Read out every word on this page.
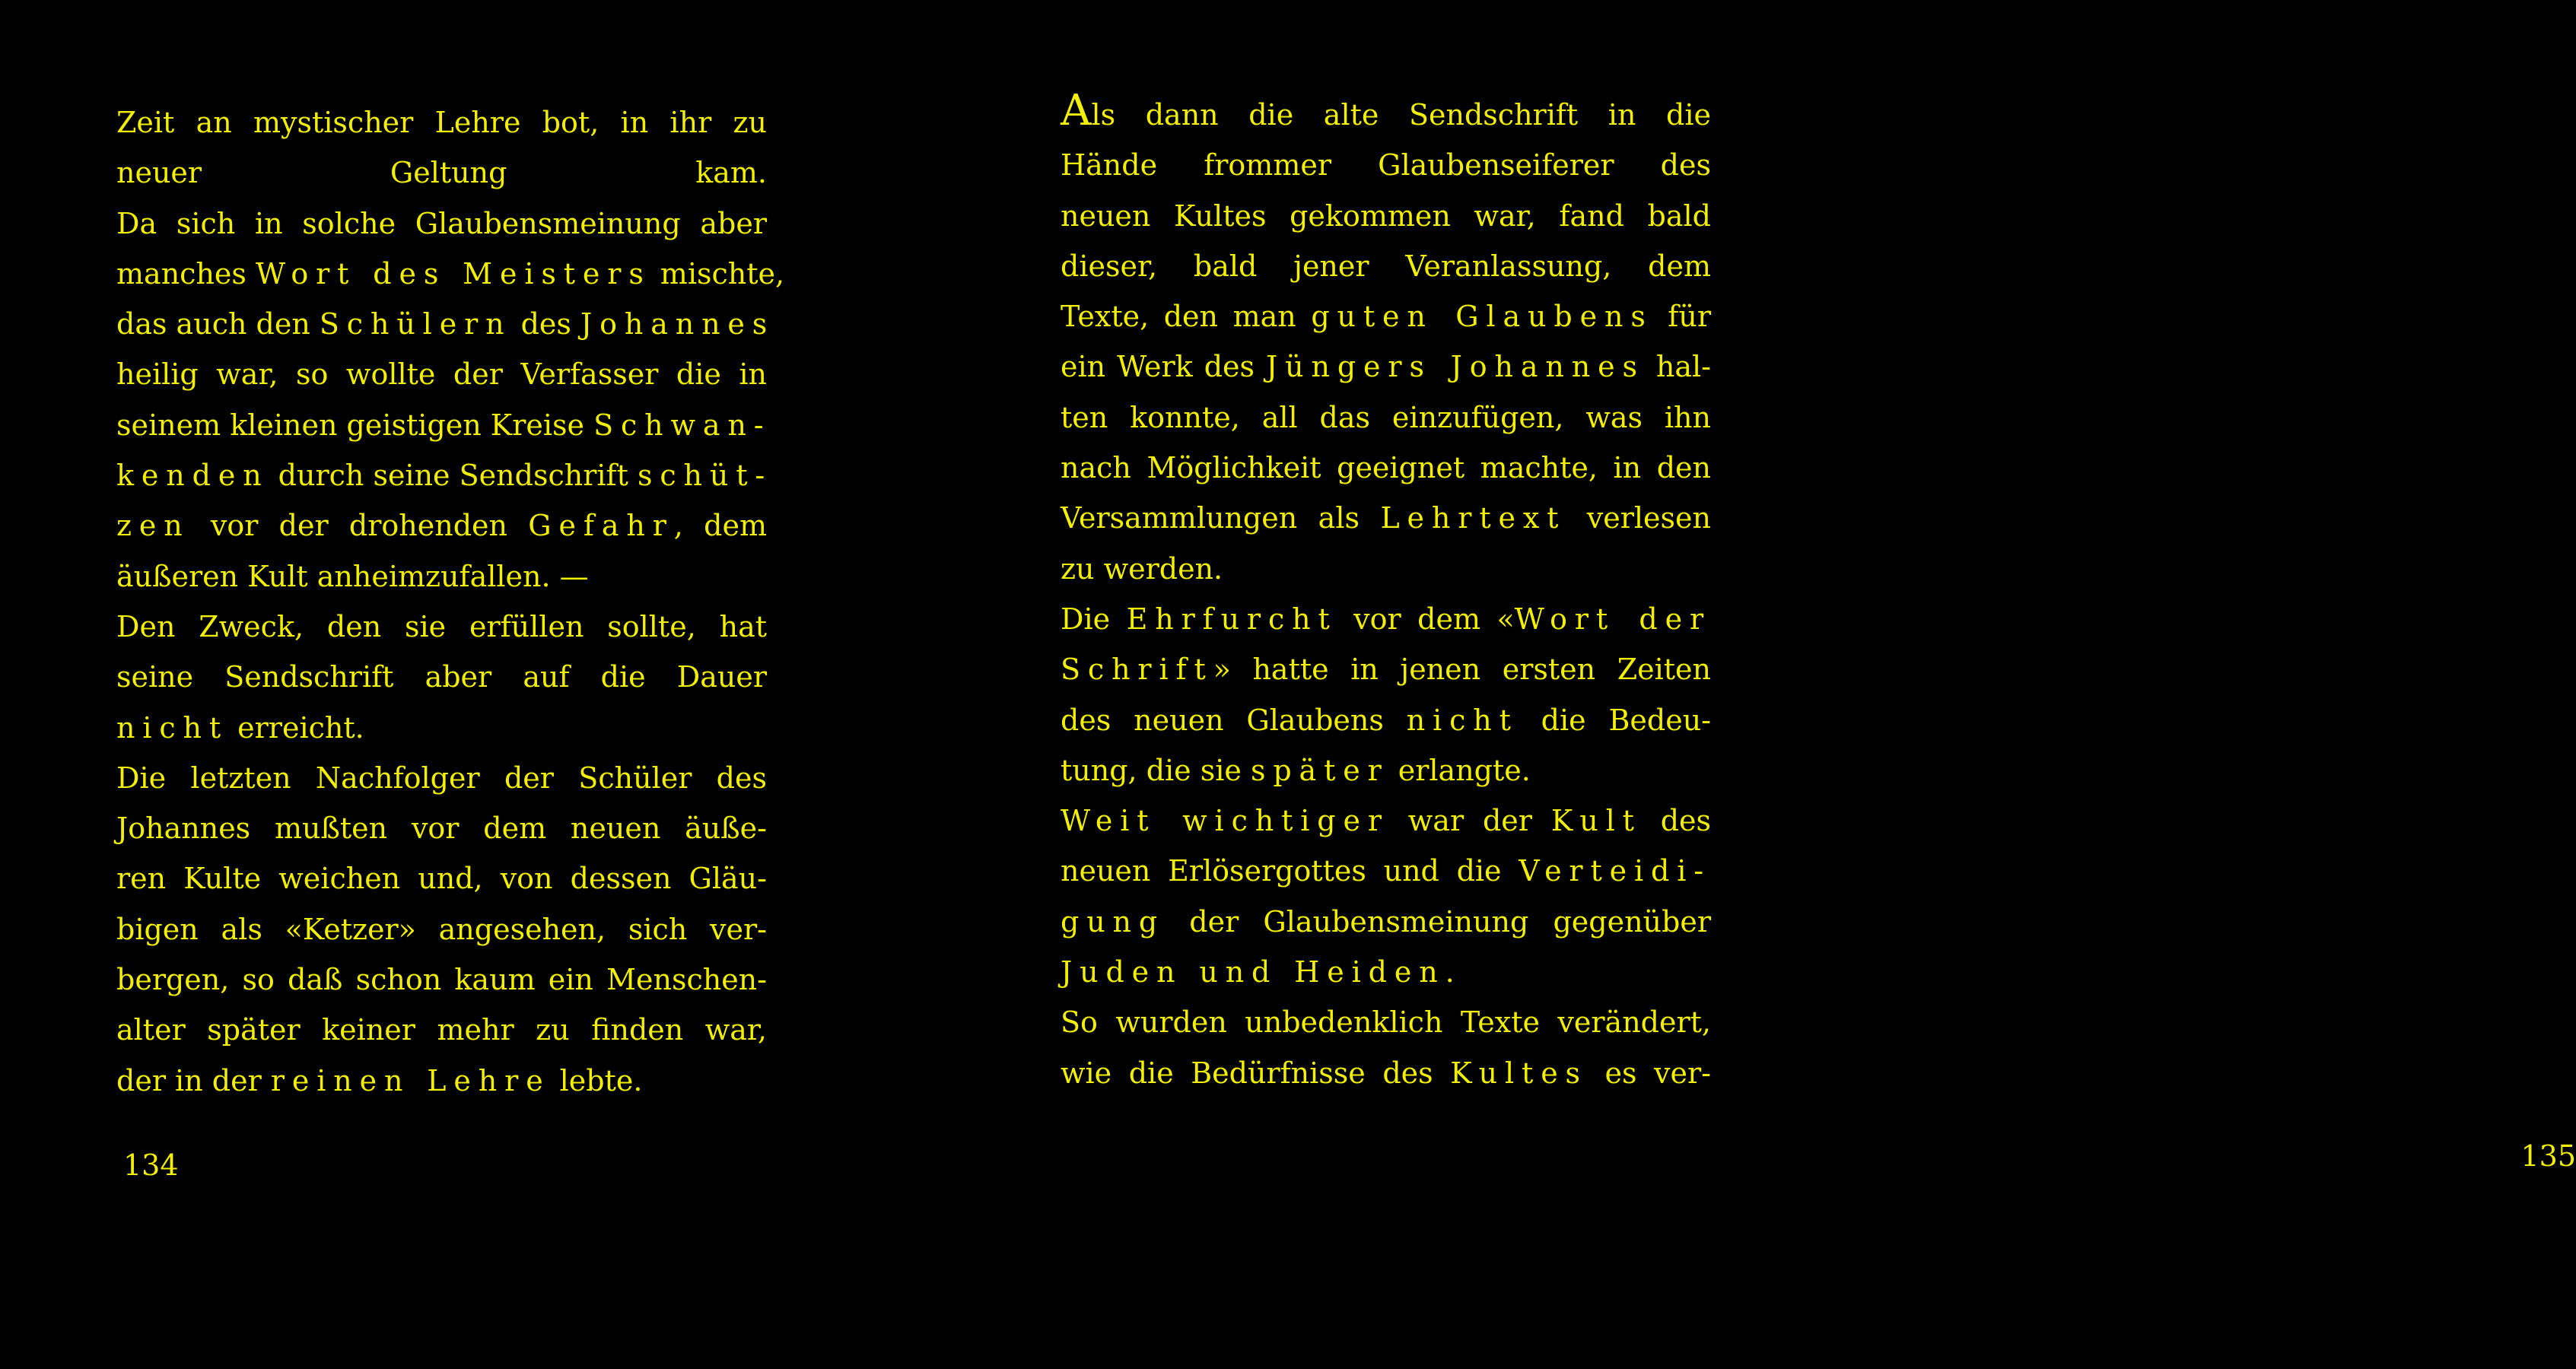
Zeit an mystischer Lehre bot, in ihr zu
neuer Geltung kam.
Da sich in solche Glaubensmeinung aber
manches Wort des Meisters mischte,
das auch den Schülern des Johannes
heilig war, so wollte der Verfasser die in
seinem kleinen geistigen Kreise Schwan-
kenden durch seine Sendschrift schüt-
zen vor der drohenden Gefahr, dem
äußeren Kult anheimzufallen. —
Den Zweck, den sie erfüllen sollte, hat
seine Sendschrift aber auf die Dauer
nicht erreicht.
Die letzten Nachfolger der Schüler des
Johannes mußten vor dem neuen äuße-
ren Kulte weichen und, von dessen Gläu-
bigen als «Ketzer» angesehen, sich ver-
bergen, so daß schon kaum ein Menschen-
alter später keiner mehr zu finden war,
der in der reinen Lehre lebte.
134
Als dann die alte Sendschrift in die
Hände frommer Glaubenseiferer des
neuen Kultes gekommen war, fand bald
dieser, bald jener Veranlassung, dem
Texte, den man guten Glaubens für
ein Werk des Jüngers Johannes hal-
ten konnte, all das einzufügen, was ihn
nach Möglichkeit geeignet machte, in den
Versammlungen als Lehrtext verlesen
zu werden.
Die Ehrfurcht vor dem «Wort der
Schrift» hatte in jenen ersten Zeiten
des neuen Glaubens nicht die Bedeu-
tung, die sie später erlangte.
Weit wichtiger war der Kult des
neuen Erlösergottes und die Verteidi-
gung der Glaubensmeinung gegenüber
Juden und Heiden.
So wurden unbedenklich Texte verändert,
wie die Bedürfnisse des Kultes es ver-
135
